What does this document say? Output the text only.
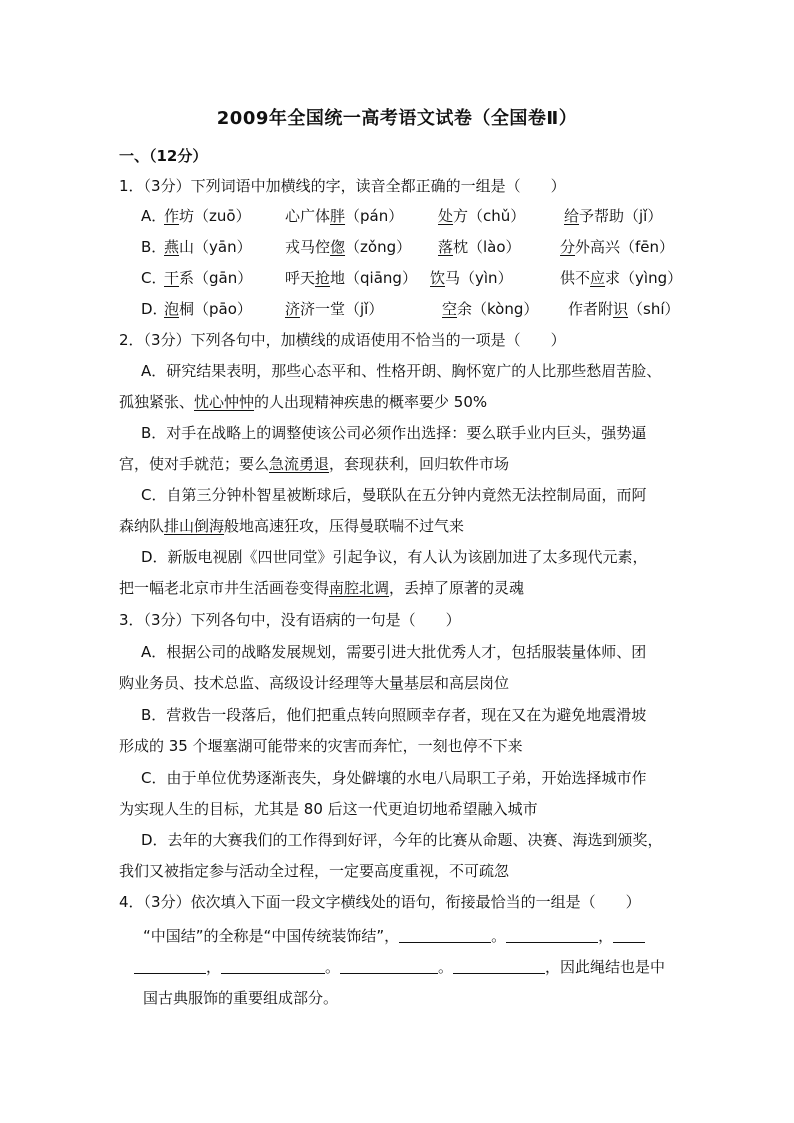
2009年全国统一高考语文试卷（全国卷Ⅱ）
一、（12分）
1．（3分）下列词语中加横线的字，读音全都正确的一组是（　　）
A．
作坊（zuō） 心广体胖（pán） 处方（chǔ）	给予帮助（jǐ）
B．
燕山（yān） 戎马倥偬（zǒng） 落枕（lào）	分外高兴（fēn）
C．
干系（gān） 呼天抢地（qiāng） 饮马（yìn）	供不应求（yìng）
D．
泡桐（pāo） 济济一堂（jǐ）	空余（kòng） 作者附识（shí）
2．（3分）下列各句中，加横线的成语使用不恰当的一项是（　　）
A．研究结果表明，那些心态平和、性格开朗、胸怀宽广的人比那些愁眉苦脸、
孤独紧张、忧心忡忡的人出现精神疾患的概率要少 50%
B．对手在战略上的调整使该公司必须作出选择：要么联手业内巨头，强势逼
宫，使对手就范；要么急流勇退，套现获利，回归软件市场
C．自第三分钟朴智星被断球后，曼联队在五分钟内竟然无法控制局面，而阿
森纳队排山倒海般地高速狂攻，压得曼联喘不过气来
D．新版电视剧《四世同堂》引起争议，有人认为该剧加进了太多现代元素，
把一幅老北京市井生活画卷变得南腔北调，丢掉了原著的灵魂
3．（3分）下列各句中，没有语病的一句是（　　）
A．根据公司的战略发展规划，需要引进大批优秀人才，包括服装量体师、团
购业务员、技术总监、高级设计经理等大量基层和高层岗位
B．营救告一段落后，他们把重点转向照顾幸存者，现在又在为避免地震滑坡
形成的 35 个堰塞湖可能带来的灾害而奔忙，一刻也停不下来
C．由于单位优势逐渐丧失，身处僻壤的水电八局职工子弟，开始选择城市作
为实现人生的目标，尤其是 80 后这一代更迫切地希望融入城市
D．去年的大赛我们的工作得到好评，今年的比赛从命题、决赛、海选到颁奖，
我们又被指定参与活动全过程，一定要高度重视，不可疏忽
4．（3分）依次填入下面一段文字横线处的语句，衔接最恰当的一组是（　　）
“中国结”的全称是“中国传统装饰结”，	。	，
，	。	。	，因此绳结也是中
国古典服饰的重要组成部分。
